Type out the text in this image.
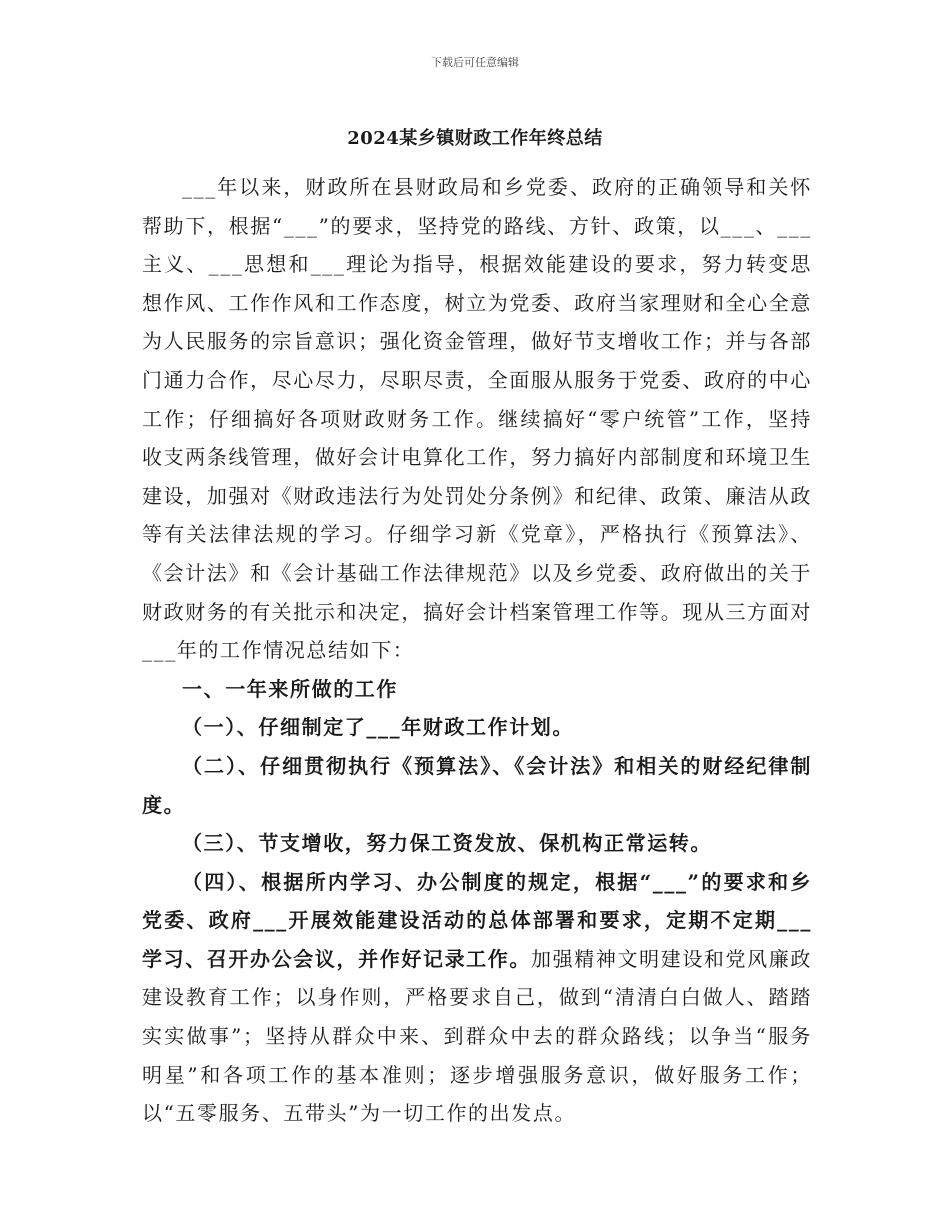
下载后可任意编辑
2024某乡镇财政工作年终总结

___年以来，财政所在县财政局和乡党委、政府的正确领导和关怀帮助下，根据“___”的要求，坚持党的路线、方针、政策，以___、___主义、___思想和___理论为指导，根据效能建设的要求，努力转变思想作风、工作作风和工作态度，树立为党委、政府当家理财和全心全意为人民服务的宗旨意识；强化资金管理，做好节支增收工作；并与各部门通力合作，尽心尽力，尽职尽责，全面服从服务于党委、政府的中心工作；仔细搞好各项财政财务工作。继续搞好“零户统管”工作，坚持收支两条线管理，做好会计电算化工作，努力搞好内部制度和环境卫生建设，加强对《财政违法行为处罚处分条例》和纪律、政策、廉洁从政等有关法律法规的学习。仔细学习新《党章》，严格执行《预算法》、《会计法》和《会计基础工作法律规范》以及乡党委、政府做出的关于财政财务的有关批示和决定，搞好会计档案管理工作等。现从三方面对___年的工作情况总结如下：

一、一年来所做的工作

（一）、仔细制定了___年财政工作计划。

（二）、仔细贯彻执行《预算法》、《会计法》和相关的财经纪律制度。

（三）、节支增收，努力保工资发放、保机构正常运转。

（四）、根据所内学习、办公制度的规定，根据“___”的要求和乡党委、政府___开展效能建设活动的总体部署和要求，定期不定期___学习、召开办公会议，并作好记录工作。加强精神文明建设和党风廉政建设教育工作；以身作则，严格要求自己，做到“清清白白做人、踏踏实实做事”；坚持从群众中来、到群众中去的群众路线；以争当“服务明星”和各项工作的基本准则；逐步增强服务意识，做好服务工作；以“五零服务、五带头”为一切工作的出发点。
